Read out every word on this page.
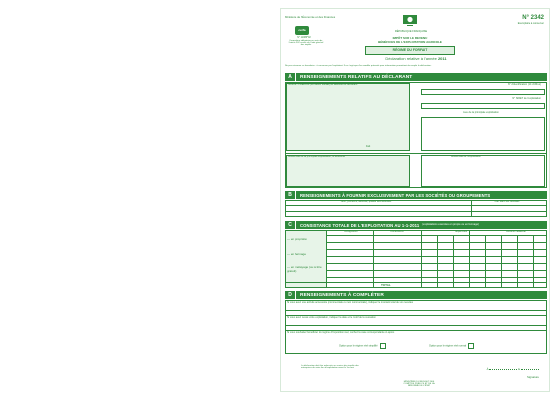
Ministère de l'Économie et des Finances
cerfa
N° 11086*02
Formulaire obligatoire en vertu de l'article 302 sexies du Code général des impôts
RÉPUBLIQUE FRANÇAISE
N° 2342
Exemplaire à conserver
IMPÔT SUR LE REVENU
BÉNÉFICES DE L'EXPLOITATION AGRICOLE
RÉGIME DU FORFAIT
Déclaration relative à l'année 2011
Ne pas retourner ce formulaire : à conserver par l'exploitant. Il ne s'agit que d'un modèle présenté pour information permettant de remplir la déclaration.
A	RENSEIGNEMENTS RELATIFS AU DÉCLARANT
NOM ET PRÉNOM (ou raison sociale) et adresse du déclarant	N° d'identification (14 chiffres)
N° SIRET de l'exploitation
Lieu de la principale exploitation
Fait
ADRESSE de la principale exploitation, si différente	ADRESSE de l'exploitation
B	RENSEIGNEMENTS À FOURNIR EXCLUSIVEMENT PAR LES SOCIÉTÉS OU GROUPEMENTS
Nom, prénoms, adresse, qualité des associés	Part dans les résultats
C	CONSISTANCE TOTALE DE L'EXPLOITATION AU 1-1-2011	(exploitations exercées en propre ou en fermage)
Désignation	Contenance	Superficies	Revenu cadastral
— en propriété
— en fermage
— en métayage (ou à titre gratuit)
TOTAL
D	RENSEIGNEMENTS À COMPLÉTER
Si vous avez une activité accessoire (commerciale ou non commerciale), indiquez le montant total de vos recettes
Si vous avez cessé votre exploitation, indiquez la date et le motif de la cessation
Si vous souhaitez bénéficier du régime d'imposition réel, cochez la case correspondante ci-après
Option pour le régime réel simplifié	Option pour le régime réel normal
La déclaration doit être adressée au service des impôts des entreprises de votre lieu d'exploitation avant le 1er mai	À	le
Signature
MINISTÈRE DU BUDGET DES COMPTES PUBLICS ET DE LA RÉFORME DE L'ÉTAT
